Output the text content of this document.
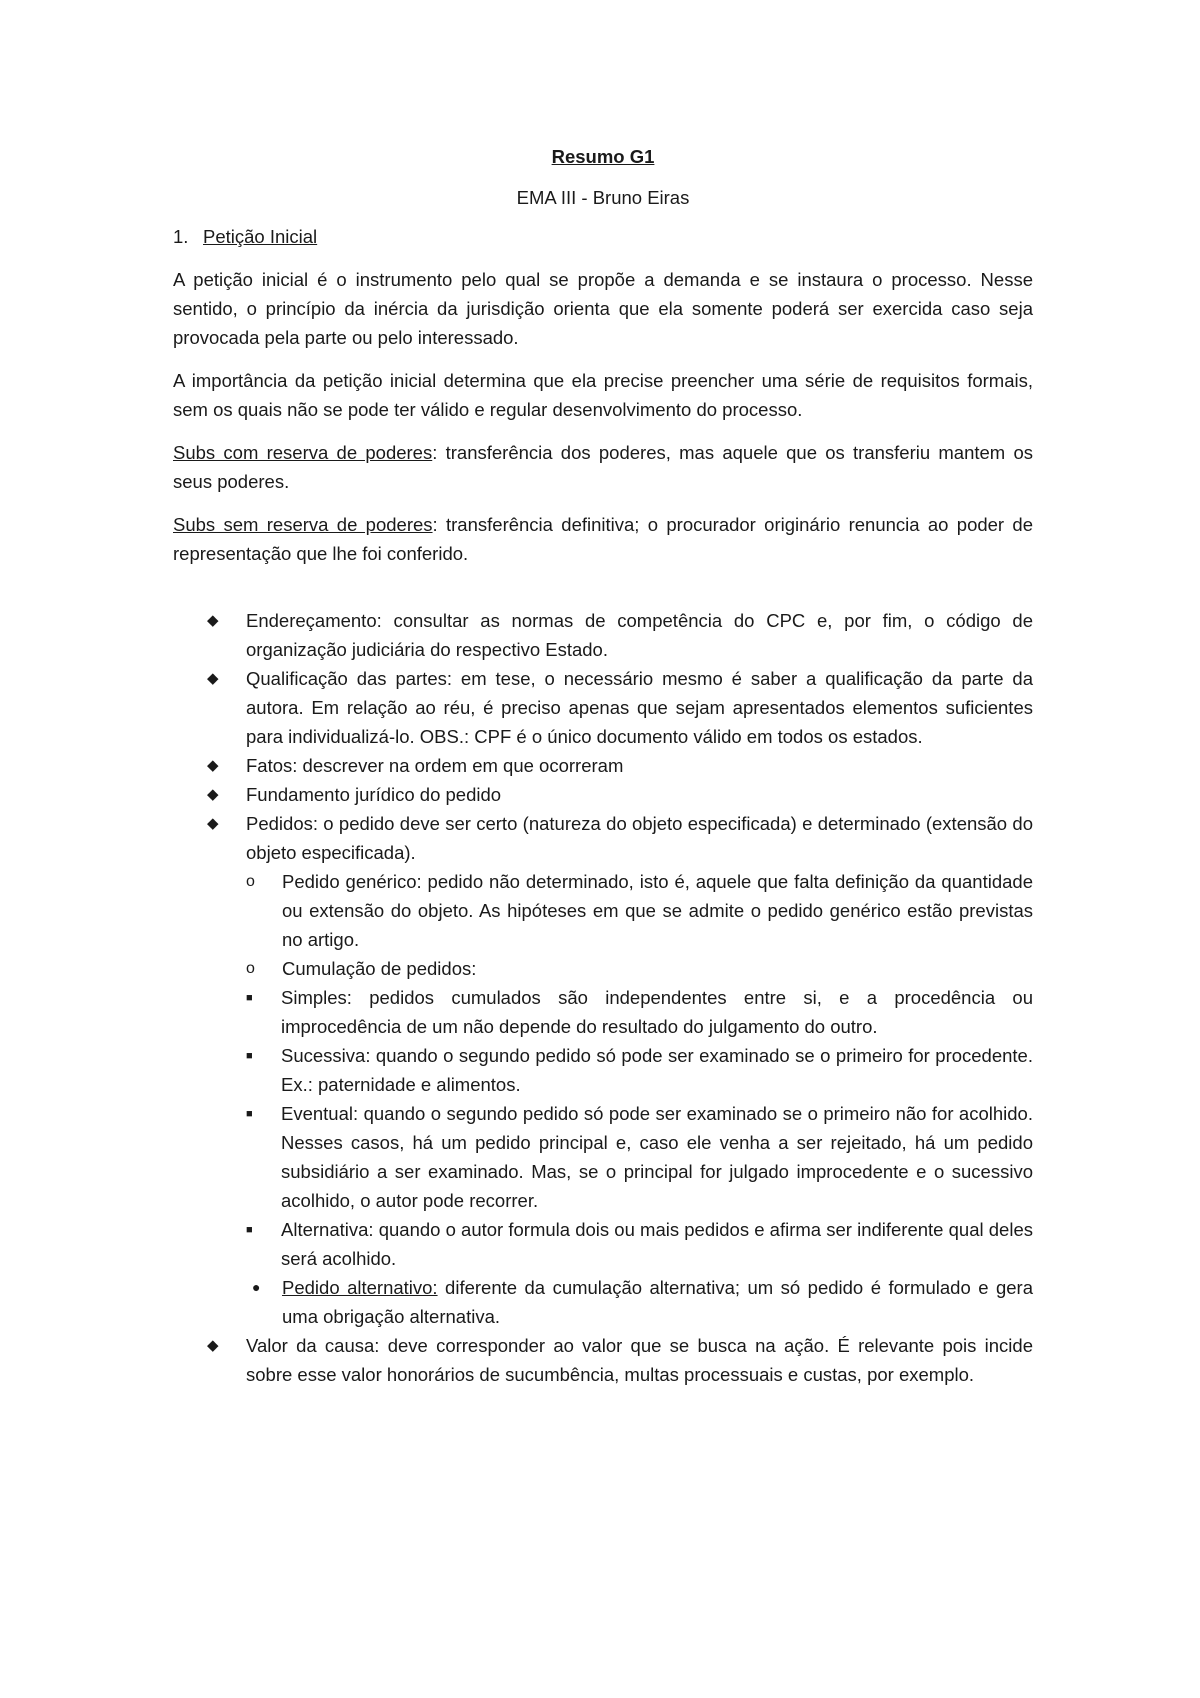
Resumo G1
EMA III - Bruno Eiras
1. Petição Inicial

A petição inicial é o instrumento pelo qual se propõe a demanda e se instaura o processo. Nesse sentido, o princípio da inércia da jurisdição orienta que ela somente poderá ser exercida caso seja provocada pela parte ou pelo interessado.

A importância da petição inicial determina que ela precise preencher uma série de requisitos formais, sem os quais não se pode ter válido e regular desenvolvimento do processo.

Subs com reserva de poderes: transferência dos poderes, mas aquele que os transferiu mantem os seus poderes.

Subs sem reserva de poderes: transferência definitiva; o procurador originário renuncia ao poder de representação que lhe foi conferido.

◆	Endereçamento: consultar as normas de competência do CPC e, por fim, o código de organização judiciária do respectivo Estado.
◆	Qualificação das partes: em tese, o necessário mesmo é saber a qualificação da parte da autora. Em relação ao réu, é preciso apenas que sejam apresentados elementos suficientes para individualizá-lo. OBS.: CPF é o único documento válido em todos os estados.
◆	Fatos: descrever na ordem em que ocorreram
◆	Fundamento jurídico do pedido
◆	Pedidos: o pedido deve ser certo (natureza do objeto especificada) e determinado (extensão do objeto especificada).
o	Pedido genérico: pedido não determinado, isto é, aquele que falta definição da quantidade ou extensão do objeto. As hipóteses em que se admite o pedido genérico estão previstas no artigo.
o	Cumulação de pedidos:
■	Simples: pedidos cumulados são independentes entre si, e a procedência ou improcedência de um não depende do resultado do julgamento do outro.
■	Sucessiva: quando o segundo pedido só pode ser examinado se o primeiro for procedente. Ex.: paternidade e alimentos.
■	Eventual: quando o segundo pedido só pode ser examinado se o primeiro não for acolhido. Nesses casos, há um pedido principal e, caso ele venha a ser rejeitado, há um pedido subsidiário a ser examinado. Mas, se o principal for julgado improcedente e o sucessivo acolhido, o autor pode recorrer.
■	Alternativa: quando o autor formula dois ou mais pedidos e afirma ser indiferente qual deles será acolhido.
●	Pedido alternativo: diferente da cumulação alternativa; um só pedido é formulado e gera uma obrigação alternativa.
◆	Valor da causa: deve corresponder ao valor que se busca na ação. É relevante pois incide sobre esse valor honorários de sucumbência, multas processuais e custas, por exemplo.
